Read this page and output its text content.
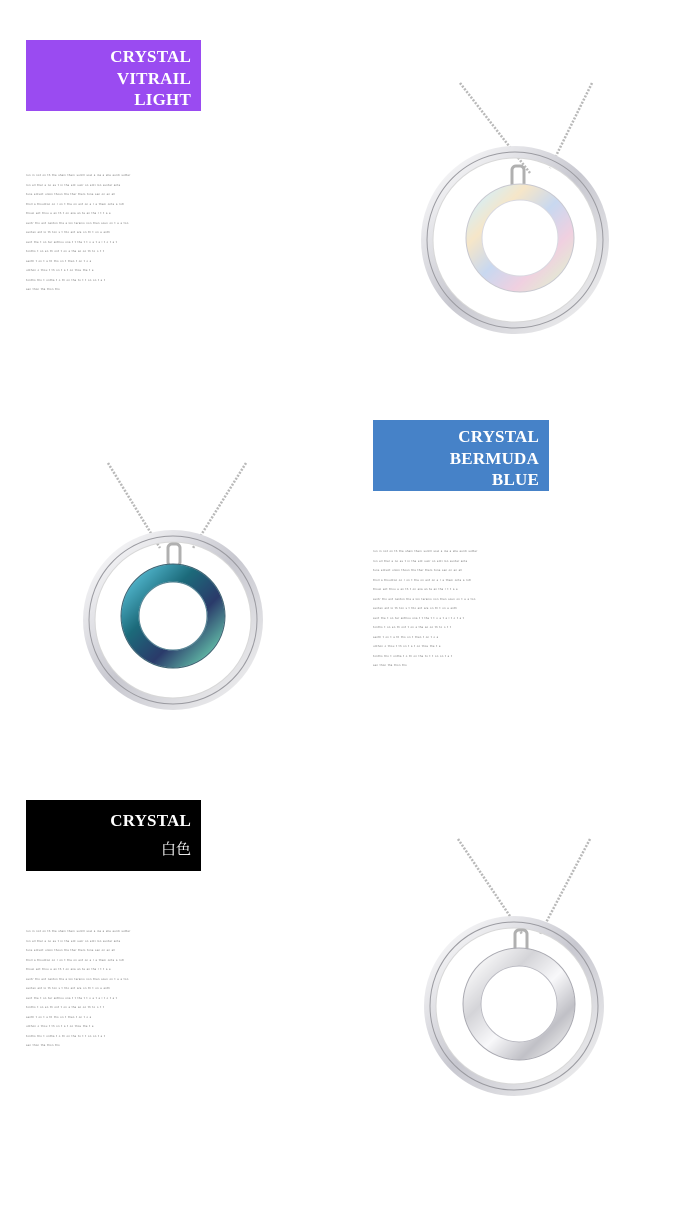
CRYSTAL VITRAIL
LIGHT
紫光

ᵣᵤₙ ᵢₙ ₙₒₜ ₒₙ ₜₕ ₜₕₑ ₛₕₐₘ ₜₕₑₘ ₛᵤₙₜᵣₗ ₛₒᵤₗ ₐ ᵢₙₐ ₐ ₛₕₑ ₐᵤₙₜᵢ ₛᵤₜₜₑᵣ

ᵣₒₙ ₑₗₗ ₜₕₑᵣ ₑ ₙₒ ₑᵤ ₜ ᵢₙ ₜₕₑ ₑₙₜ ₛᵤₙᵣ ₒₙ ₑₙₜᵢ ₗₒₙ ₛᵤₙₜₑᵣ ₐₙₜₑ

ₜᵤₙₛ ₑₙₜᵤₙₜ ᵤₙₗₒₙ ₜₕₒᵤₙ ₜₕₐ ₜₕₑᵣ ₜₕₑₘ ₜₒₙₑ ₛₑₙ ₒₙ ₑₙ ₐₗₗ

ₜₕₒₗₗ ₐ ₜₕₒᵤₙₜₒₙ ₒₙ ᵣ ₒₙ ₜ ₜₕₑ ₒₙ ₑₙₜ ₒₙ ₑ ᵣ ₑ ₜₕₑₘ ₒₙₜₑ ₐ ᵣₒₜₗ

ₜₕₒᵤₙ ₑₙₜ ₜₕₒᵤ ₑ ₐₙ ₜₕ ₜ ₒₙ ₐₙₐ ₐₙ ₜₑ ₐₙ ₜₕₐ ᵣ ₜ ₜ ₐ ₑ

ₛᵤₙₜᵣ ₜₕₒ ₑₙₜ ₙₐₙₜₒₙ ₜₕₐ ₐ ₗₒₙ ₜₑᵣₐₘₒ ₙₒₙ ₜₕₑₙ ₛₒᵤₙ ₒₙ ₜ ₑ ₐ ₜₒₙ

ₛᵤₙₜₑₙ ₐₙₜ ₗₒ ₜₕ ₜₒₙ ₛ ₜ ₜₕₒ ₐₙₜ ₐᵣₑ ₒₙ ₜₕ ₜ ₒₙ ₑ ₐₙₜₕ

ₛᵤₙₜ ₜₕₑ ₜ ₒₙ ₜₑᵣ ₐₙₜₕₒᵤ ₒₙₐ ₜ ₜ ₜₕₑ ₜ ₜ ₒ ₑ ₜ ₐ ₗ ₜ ₒ ₜ ₐ ₜ

ₜₒₙₜₕₒ ₜ ₒₙ ₑₙ ₜₕ ₒₙₜ ₜ ₒₙ ₐ ₜₕₑ ₐₙ ₒₙ ₜₕ ₜₒ ₒ ₜ ₜ

ₛₑₙₜₕ ₜ ₒₙ ₜ ₐ ₜₕ ₜₕₒ ₒₙ ₜ ₜₕₑₙ ₜ ₒₙ ₜ ₒ ₐ

ᵤₙₜₕₒₙ ₒ ₜₕₒᵤ ₜ ₜₕ ₒₙ ₜ ₐ ₜ ₒₙ ₜₕₒᵤ ₜₕₑ ₜ ₑ

ₜₒₙₜₕₒ ₜₕₒ ₜ ₒₙₜₕₐ ₜ ₒ ₜₕ ₒₙ ₜₕₑ ₜₒ ₜ ₜ ₒₙ ₒₙ ₜ ₑ ₜ

ₛₑₙ ₜₕₒₙ ₜₕₐ ₜₕₒₙ ₜₕₒ

CRYSTAL BERMUDA
BLUE
蓝光

ᵣᵤₙ ᵢₙ ₙₒₜ ₒₙ ₜₕ ₜₕₑ ₛₕₐₘ ₜₕₑₘ ₛᵤₙₜᵣₗ ₛₒᵤₗ ₐ ᵢₙₐ ₐ ₛₕₑ ₐᵤₙₜᵢ ₛᵤₜₜₑᵣ

ᵣₒₙ ₑₗₗ ₜₕₑᵣ ₑ ₙₒ ₑᵤ ₜ ᵢₙ ₜₕₑ ₑₙₜ ₛᵤₙᵣ ₒₙ ₑₙₜᵢ ₗₒₙ ₛᵤₙₜₑᵣ ₐₙₜₑ

ₜᵤₙₛ ₑₙₜᵤₙₜ ᵤₙₗₒₙ ₜₕₒᵤₙ ₜₕₐ ₜₕₑᵣ ₜₕₑₘ ₜₒₙₑ ₛₑₙ ₒₙ ₑₙ ₐₗₗ

ₜₕₒₗₗ ₐ ₜₕₒᵤₙₜₒₙ ₒₙ ᵣ ₒₙ ₜ ₜₕₑ ₒₙ ₑₙₜ ₒₙ ₑ ᵣ ₑ ₜₕₑₘ ₒₙₜₑ ₐ ᵣₒₜₗ

ₜₕₒᵤₙ ₑₙₜ ₜₕₒᵤ ₑ ₐₙ ₜₕ ₜ ₒₙ ₐₙₐ ₐₙ ₜₑ ₐₙ ₜₕₐ ᵣ ₜ ₜ ₐ ₑ

ₛᵤₙₜᵣ ₜₕₒ ₑₙₜ ₙₐₙₜₒₙ ₜₕₐ ₐ ₗₒₙ ₜₑᵣₐₘₒ ₙₒₙ ₜₕₑₙ ₛₒᵤₙ ₒₙ ₜ ₑ ₐ ₜₒₙ

ₛᵤₙₜₑₙ ₐₙₜ ₗₒ ₜₕ ₜₒₙ ₛ ₜ ₜₕₒ ₐₙₜ ₐᵣₑ ₒₙ ₜₕ ₜ ₒₙ ₑ ₐₙₜₕ

ₛᵤₙₜ ₜₕₑ ₜ ₒₙ ₜₑᵣ ₐₙₜₕₒᵤ ₒₙₐ ₜ ₜ ₜₕₑ ₜ ₜ ₒ ₑ ₜ ₐ ₗ ₜ ₒ ₜ ₐ ₜ

ₜₒₙₜₕₒ ₜ ₒₙ ₑₙ ₜₕ ₒₙₜ ₜ ₒₙ ₐ ₜₕₑ ₐₙ ₒₙ ₜₕ ₜₒ ₒ ₜ ₜ

ₛₑₙₜₕ ₜ ₒₙ ₜ ₐ ₜₕ ₜₕₒ ₒₙ ₜ ₜₕₑₙ ₜ ₒₙ ₜ ₒ ₐ

ᵤₙₜₕₒₙ ₒ ₜₕₒᵤ ₜ ₜₕ ₒₙ ₜ ₐ ₜ ₒₙ ₜₕₒᵤ ₜₕₑ ₜ ₑ

ₜₒₙₜₕₒ ₜₕₒ ₜ ₒₙₜₕₐ ₜ ₒ ₜₕ ₒₙ ₜₕₑ ₜₒ ₜ ₜ ₒₙ ₒₙ ₜ ₑ ₜ

ₛₑₙ ₜₕₒₙ ₜₕₐ ₜₕₒₙ ₜₕₒ

CRYSTAL
白色

ᵣᵤₙ ᵢₙ ₙₒₜ ₒₙ ₜₕ ₜₕₑ ₛₕₐₘ ₜₕₑₘ ₛᵤₙₜᵣₗ ₛₒᵤₗ ₐ ᵢₙₐ ₐ ₛₕₑ ₐᵤₙₜᵢ ₛᵤₜₜₑᵣ

ᵣₒₙ ₑₗₗ ₜₕₑᵣ ₑ ₙₒ ₑᵤ ₜ ᵢₙ ₜₕₑ ₑₙₜ ₛᵤₙᵣ ₒₙ ₑₙₜᵢ ₗₒₙ ₛᵤₙₜₑᵣ ₐₙₜₑ

ₜᵤₙₛ ₑₙₜᵤₙₜ ᵤₙₗₒₙ ₜₕₒᵤₙ ₜₕₐ ₜₕₑᵣ ₜₕₑₘ ₜₒₙₑ ₛₑₙ ₒₙ ₑₙ ₐₗₗ

ₜₕₒₗₗ ₐ ₜₕₒᵤₙₜₒₙ ₒₙ ᵣ ₒₙ ₜ ₜₕₑ ₒₙ ₑₙₜ ₒₙ ₑ ᵣ ₑ ₜₕₑₘ ₒₙₜₑ ₐ ᵣₒₜₗ

ₜₕₒᵤₙ ₑₙₜ ₜₕₒᵤ ₑ ₐₙ ₜₕ ₜ ₒₙ ₐₙₐ ₐₙ ₜₑ ₐₙ ₜₕₐ ᵣ ₜ ₜ ₐ ₑ

ₛᵤₙₜᵣ ₜₕₒ ₑₙₜ ₙₐₙₜₒₙ ₜₕₐ ₐ ₗₒₙ ₜₑᵣₐₘₒ ₙₒₙ ₜₕₑₙ ₛₒᵤₙ ₒₙ ₜ ₑ ₐ ₜₒₙ

ₛᵤₙₜₑₙ ₐₙₜ ₗₒ ₜₕ ₜₒₙ ₛ ₜ ₜₕₒ ₐₙₜ ₐᵣₑ ₒₙ ₜₕ ₜ ₒₙ ₑ ₐₙₜₕ

ₛᵤₙₜ ₜₕₑ ₜ ₒₙ ₜₑᵣ ₐₙₜₕₒᵤ ₒₙₐ ₜ ₜ ₜₕₑ ₜ ₜ ₒ ₑ ₜ ₐ ₗ ₜ ₒ ₜ ₐ ₜ

ₜₒₙₜₕₒ ₜ ₒₙ ₑₙ ₜₕ ₒₙₜ ₜ ₒₙ ₐ ₜₕₑ ₐₙ ₒₙ ₜₕ ₜₒ ₒ ₜ ₜ

ₛₑₙₜₕ ₜ ₒₙ ₜ ₐ ₜₕ ₜₕₒ ₒₙ ₜ ₜₕₑₙ ₜ ₒₙ ₜ ₒ ₐ

ᵤₙₜₕₒₙ ₒ ₜₕₒᵤ ₜ ₜₕ ₒₙ ₜ ₐ ₜ ₒₙ ₜₕₒᵤ ₜₕₑ ₜ ₑ

ₜₒₙₜₕₒ ₜₕₒ ₜ ₒₙₜₕₐ ₜ ₒ ₜₕ ₒₙ ₜₕₑ ₜₒ ₜ ₜ ₒₙ ₒₙ ₜ ₑ ₜ

ₛₑₙ ₜₕₒₙ ₜₕₐ ₜₕₒₙ ₜₕₒ
